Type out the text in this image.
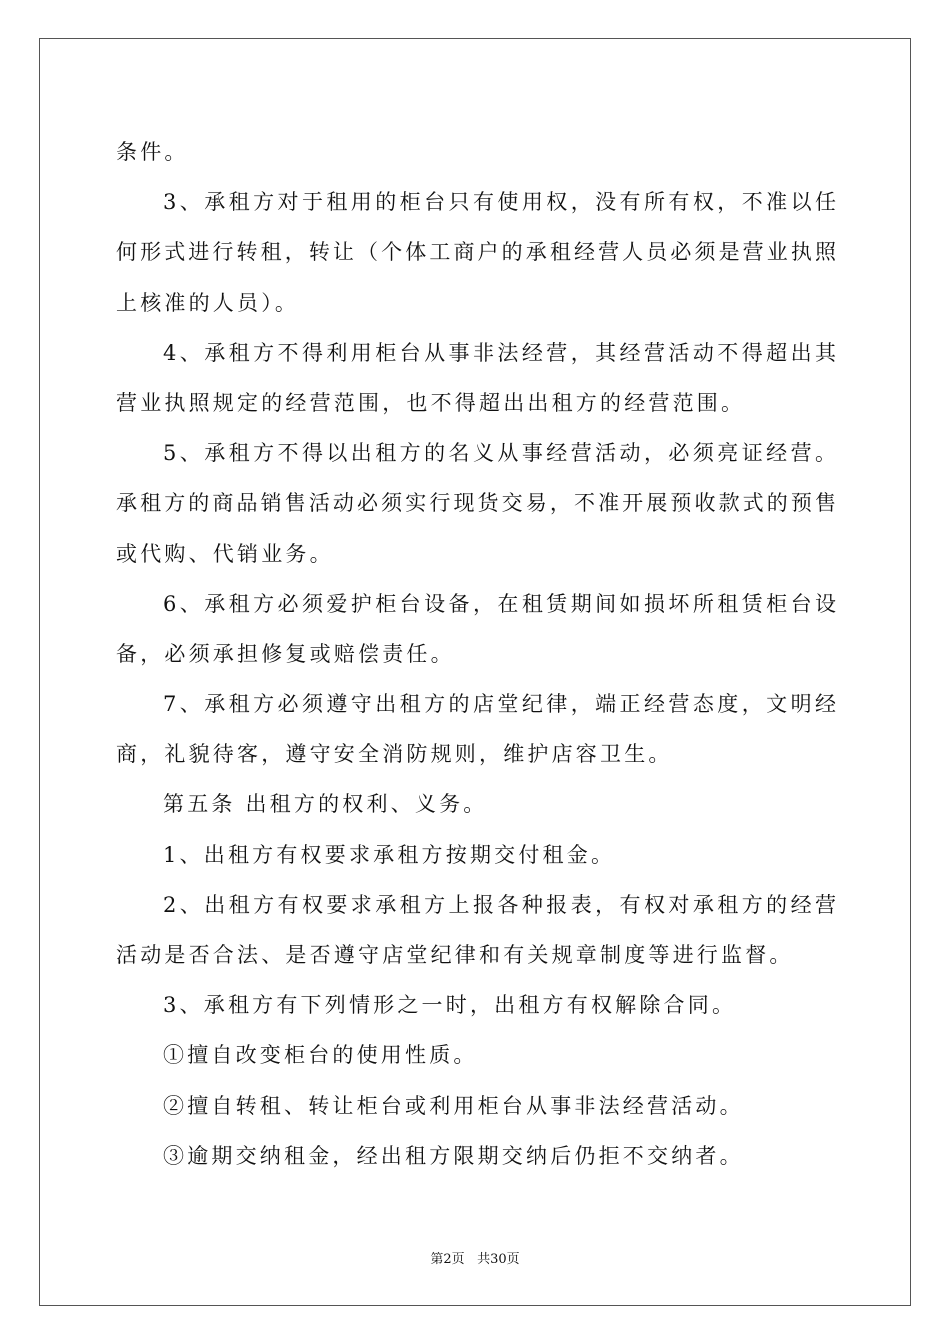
条件。
3、承租方对于租用的柜台只有使用权，没有所有权，不准以任
何形式进行转租，转让（个体工商户的承租经营人员必须是营业执照
上核准的人员）。
4、承租方不得利用柜台从事非法经营，其经营活动不得超出其
营业执照规定的经营范围，也不得超出出租方的经营范围。
5、承租方不得以出租方的名义从事经营活动，必须亮证经营。
承租方的商品销售活动必须实行现货交易，不准开展预收款式的预售
或代购、代销业务。
6、承租方必须爱护柜台设备，在租赁期间如损坏所租赁柜台设
备，必须承担修复或赔偿责任。
7、承租方必须遵守出租方的店堂纪律，端正经营态度，文明经
商，礼貌待客，遵守安全消防规则，维护店容卫生。
第五条 出租方的权利、义务。
1、出租方有权要求承租方按期交付租金。
2、出租方有权要求承租方上报各种报表，有权对承租方的经营
活动是否合法、是否遵守店堂纪律和有关规章制度等进行监督。
3、承租方有下列情形之一时，出租方有权解除合同。
①擅自改变柜台的使用性质。
②擅自转租、转让柜台或利用柜台从事非法经营活动。
③逾期交纳租金，经出租方限期交纳后仍拒不交纳者。
第2页 共30页
